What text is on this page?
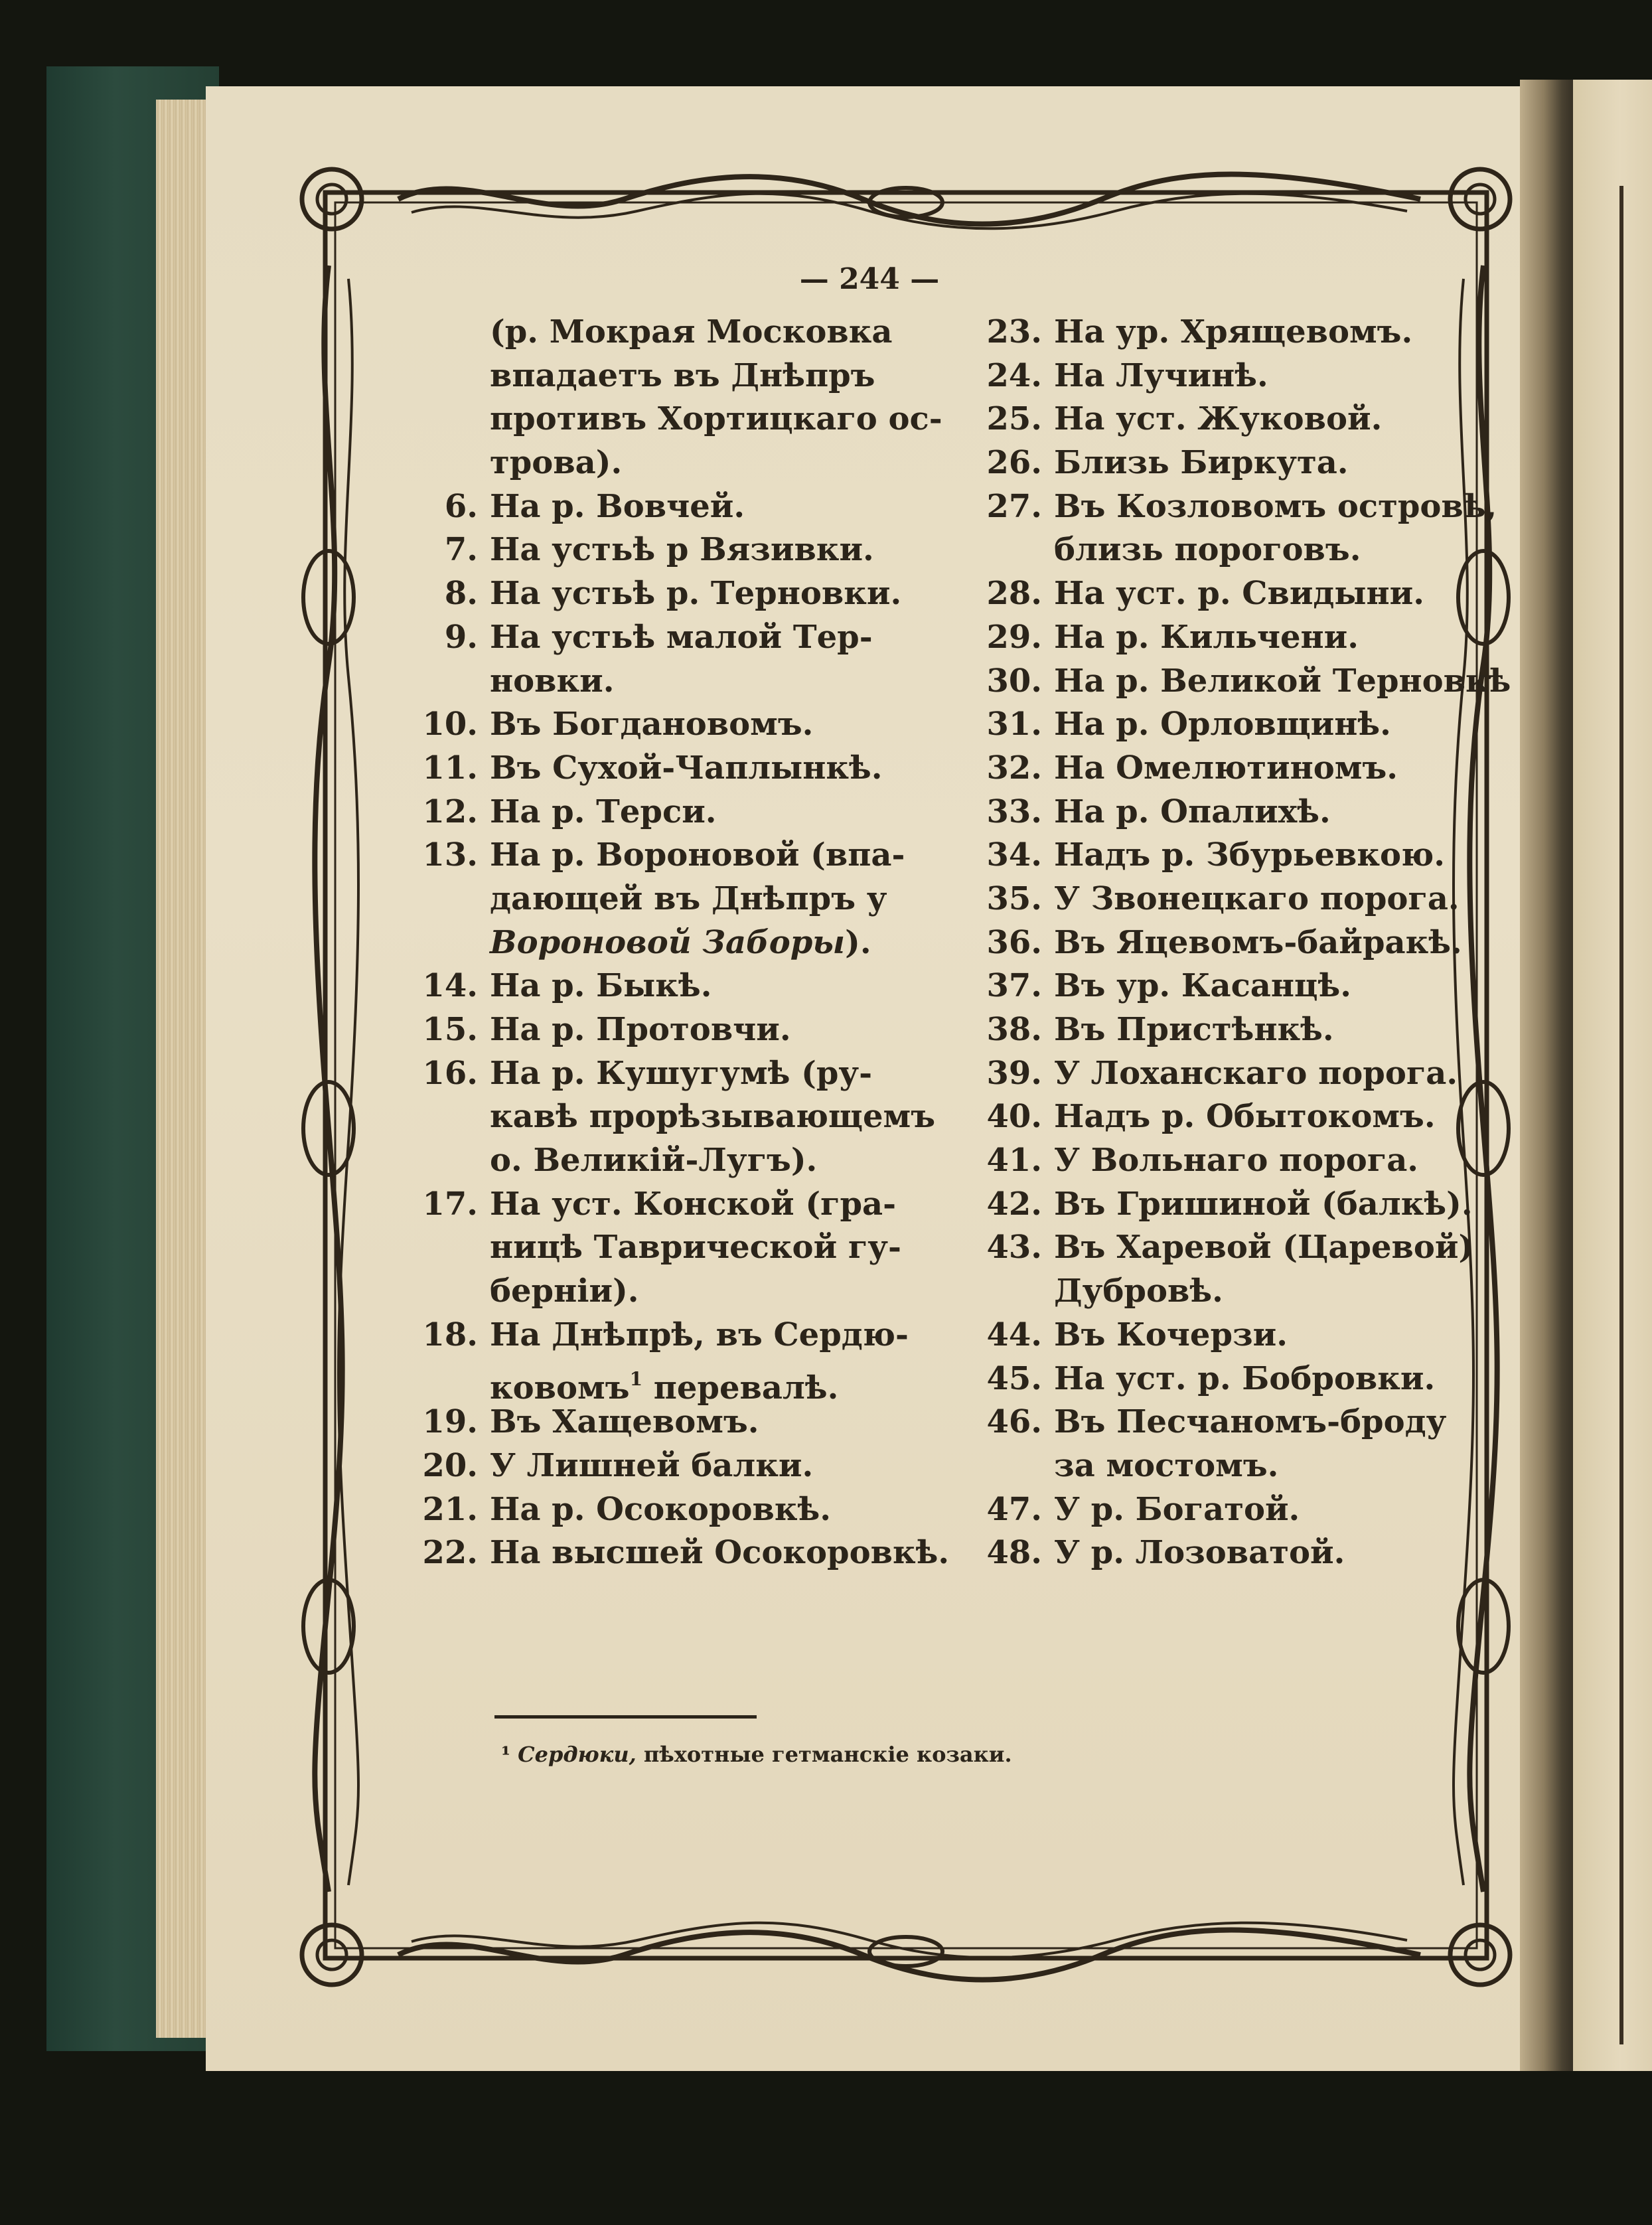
— 244 —
(р. Мокрая Московка
впадаетъ въ Днѣпръ
противъ Хортицкаго ос-
трова).
6. На р. Вовчей.
7. На устьѣ р Вязивки.
8. На устьѣ р. Терновки.
9. На устьѣ малой Тер-
новки.
10. Въ Богдановомъ.
11. Въ Сухой-Чаплынкѣ.
12. На р. Терси.
13. На р. Вороновой (впа-
дающей въ Днѣпръ у
Вороновой Заборы).
14. На р. Быкѣ.
15. На р. Протовчи.
16. На р. Кушугумѣ (ру-
кавѣ прорѣзывающемъ
о. Великій-Лугъ).
17. На уст. Конской (гра-
ницѣ Таврической гу-
берніи).
18. На Днѣпрѣ, въ Сердю-
ковомъ$^1$ перевалѣ.
19. Въ Хащевомъ.
20. У Лишней балки.
21. На р. Осокоровкѣ.
22. На высшей Осокоровкѣ.
23. На ур. Хрящевомъ.
24. На Лучинѣ.
25. На уст. Жуковой.
26. Близь Биркута.
27. Въ Козловомъ островѣ,
близь пороговъ.
28. На уст. р. Свидыни.
29. На р. Кильчени.
30. На р. Великой Терновкѣ
31. На р. Орловщинѣ.
32. На Омелютиномъ.
33. На р. Опалихѣ.
34. Надъ р. Збурьевкою.
35. У Звонецкаго порога.
36. Въ Яцевомъ-байракѣ.
37. Въ ур. Касанцѣ.
38. Въ Пристѣнкѣ.
39. У Лоханскаго порога.
40. Надъ р. Обытокомъ.
41. У Вольнаго порога.
42. Въ Гришиной (балкѣ).
43. Въ Харевой (Царевой)
Дубровѣ.
44. Въ Кочерзи.
45. На уст. р. Бобровки.
46. Въ Песчаномъ-броду
за мостомъ.
47. У р. Богатой.
48. У р. Лозоватой.
¹ Сердюки, пѣхотные гетманскіе козаки.
